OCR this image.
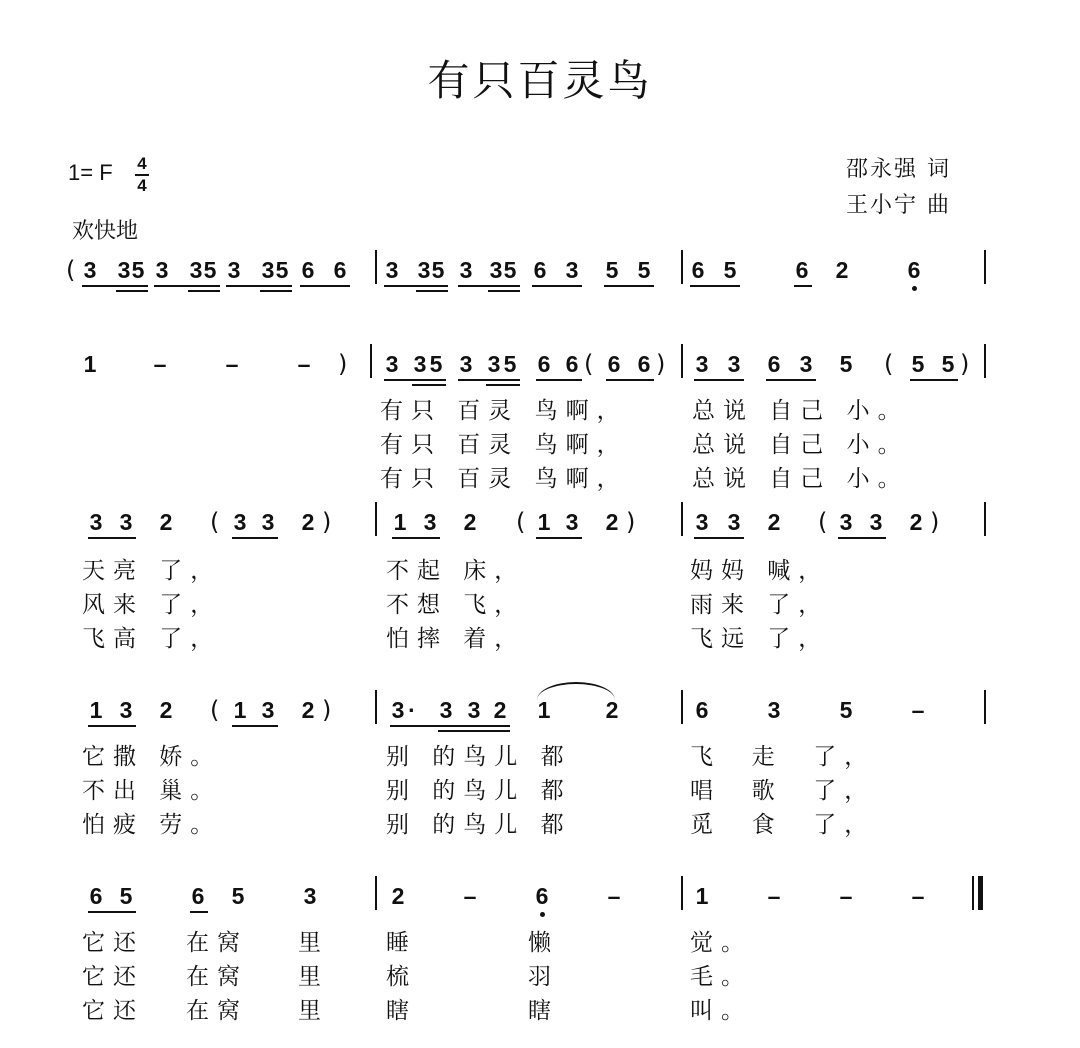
有只百灵鸟
1= F 4
4
欢快地
邵永强 词
王小宁 曲
( 3 3 5 3 3 5 3 3 5 6 6 3 3 5 3 3 5 6 3 5 5 6 5	6 2	6
1 –	–	– ) 3 3 5 3 3 5 6 6 ( 6 6 ) 3 3 6 3 5 ( 5 5 )
3 3 2 ( 3 3 2 )	1 3 2 ( 1 3 2 )	3 3 2 ( 3 3 2 )
1 3 2 ( 1 3 2 )	3 · 3 3 2 1 2	6	3	5	–
6 5	6 5	3	2	–	6	–	1	–	–	–
有只 百灵 鸟啊，	总说 自己 小。
有只 百灵 鸟啊，	总说 自己 小。
有只 百灵 鸟啊，	总说 自己 小。
天亮 了，	不起 床，	妈妈 喊，
风来 了，	不想 飞，	雨来 了，
飞高 了，	怕摔 着，	飞远 了，
它撒 娇。	别 的鸟儿 都	飞  走  了，
不出 巢。	别 的鸟儿 都	唱  歌  了，
怕疲 劳。	别 的鸟儿 都	觅  食  了，
它还 在窝 里 睡	懒	觉。
它还 在窝 里 梳	羽	毛。
它还 在窝 里 瞎	瞎	叫。
